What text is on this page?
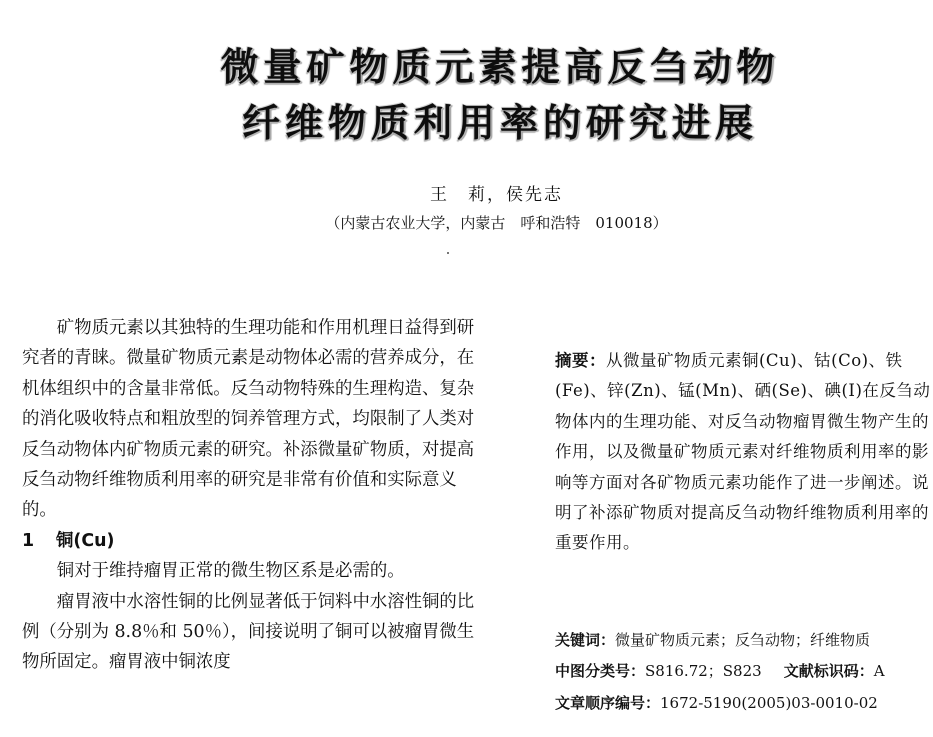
微量矿物质元素提高反刍动物
纤维物质利用率的研究进展
王　莉，侯先志
（内蒙古农业大学，内蒙古　呼和浩特　010018）

矿物质元素以其独特的生理功能和作用机理日益得到研究者的青睐。微量矿物质元素是动物体必需的营养成分，在机体组织中的含量非常低。反刍动物特殊的生理构造、复杂的消化吸收特点和粗放型的饲养管理方式，均限制了人类对反刍动物体内矿物质元素的研究。补添微量矿物质，对提高反刍动物纤维物质利用率的研究是非常有价值和实际意义的。

1 铜(Cu)

铜对于维持瘤胃正常的微生物区系是必需的。

瘤胃液中水溶性铜的比例显著低于饲料中水溶性铜的比例（分别为 8.8％和 50％），间接说明了铜可以被瘤胃微生物所固定。瘤胃液中铜浓度

摘要：从微量矿物质元素铜(Cu)、钴(Co)、铁(Fe)、锌(Zn)、锰(Mn)、硒(Se)、碘(I)在反刍动物体内的生理功能、对反刍动物瘤胃微生物产生的作用，以及微量矿物质元素对纤维物质利用率的影响等方面对各矿物质元素功能作了进一步阐述。说明了补添矿物质对提高反刍动物纤维物质利用率的重要作用。
关键词：微量矿物质元素；反刍动物；纤维物质
中图分类号：S816.72；S823 文献标识码：A
文章顺序编号：1672-5190(2005)03-0010-02
